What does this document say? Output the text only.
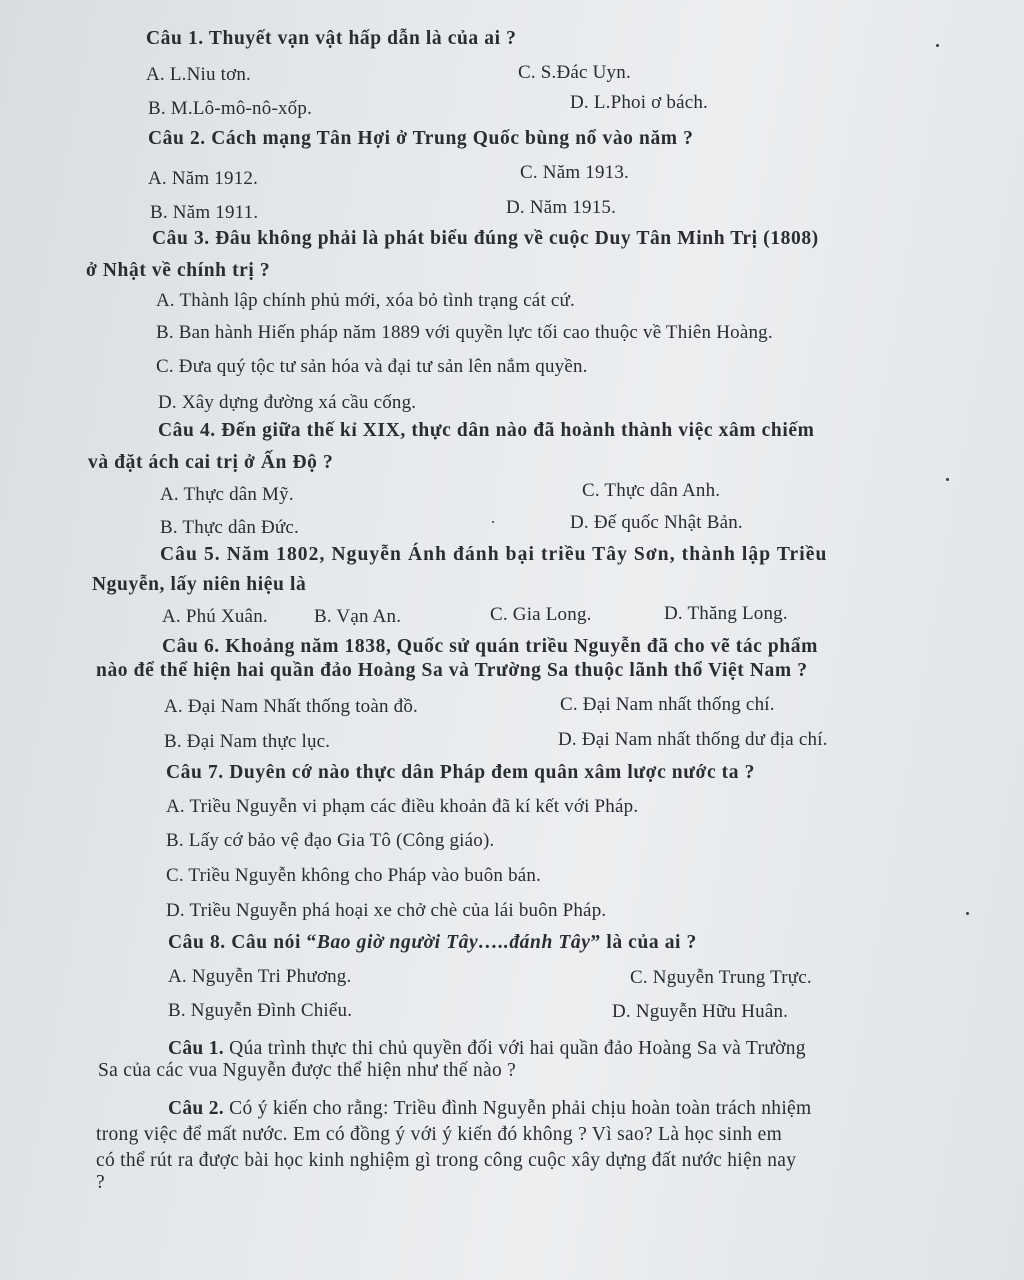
Câu 1. Thuyết vạn vật hấp dẫn là của ai ?
A. L.Niu tơn.	C. S.Đác Uyn.
B. M.Lô-mô-nô-xốp.	D. L.Phoi ơ bách.
Câu 2. Cách mạng Tân Hợi ở Trung Quốc bùng nổ vào năm ?
A. Năm 1912.	C. Năm 1913.
B. Năm 1911.	D. Năm 1915.
Câu 3. Đâu không phải là phát biểu đúng về cuộc Duy Tân Minh Trị (1808)
ở Nhật về chính trị ?
A. Thành lập chính phủ mới, xóa bỏ tình trạng cát cứ.
B. Ban hành Hiến pháp năm 1889 với quyền lực tối cao thuộc về Thiên Hoàng.
C. Đưa quý tộc tư sản hóa và đại tư sản lên nắm quyền.
D. Xây dựng đường xá cầu cống.
Câu 4. Đến giữa thế kỉ XIX, thực dân nào đã hoành thành việc xâm chiếm
và đặt ách cai trị ở Ấn Độ ?
A. Thực dân Mỹ.	C. Thực dân Anh.
B. Thực dân Đức.	D. Đế quốc Nhật Bản.
Câu 5. Năm 1802, Nguyễn Ánh đánh bại triều Tây Sơn, thành lập Triều
Nguyễn, lấy niên hiệu là
A. Phú Xuân. B. Vạn An.	C. Gia Long.	D. Thăng Long.
Câu 6. Khoảng năm 1838, Quốc sử quán triều Nguyễn đã cho vẽ tác phẩm
nào để thể hiện hai quần đảo Hoàng Sa và Trường Sa thuộc lãnh thổ Việt Nam ?
A. Đại Nam Nhất thống toàn đồ.	C. Đại Nam nhất thống chí.
B. Đại Nam thực lục.	D. Đại Nam nhất thống dư địa chí.
Câu 7. Duyên cớ nào thực dân Pháp đem quân xâm lược nước ta ?
A. Triều Nguyễn vi phạm các điều khoản đã kí kết với Pháp.
B. Lấy cớ bảo vệ đạo Gia Tô (Công giáo).
C. Triều Nguyễn không cho Pháp vào buôn bán.
D. Triều Nguyễn phá hoại xe chở chè của lái buôn Pháp.
Câu 8. Câu nói “Bao giờ người Tây…..đánh Tây” là của ai ?
A. Nguyễn Tri Phương.	C. Nguyễn Trung Trực.
B. Nguyễn Đình Chiểu.	D. Nguyễn Hữu Huân.
Câu 1. Qúa trình thực thi chủ quyền đối với hai quần đảo Hoàng Sa và Trường
Sa của các vua Nguyễn được thể hiện như thế nào ?
Câu 2. Có ý kiến cho rằng: Triều đình Nguyễn phải chịu hoàn toàn trách nhiệm
trong việc để mất nước. Em có đồng ý với ý kiến đó không ? Vì sao? Là học sinh em
có thể rút ra được bài học kinh nghiệm gì trong công cuộc xây dựng đất nước hiện nay
?
